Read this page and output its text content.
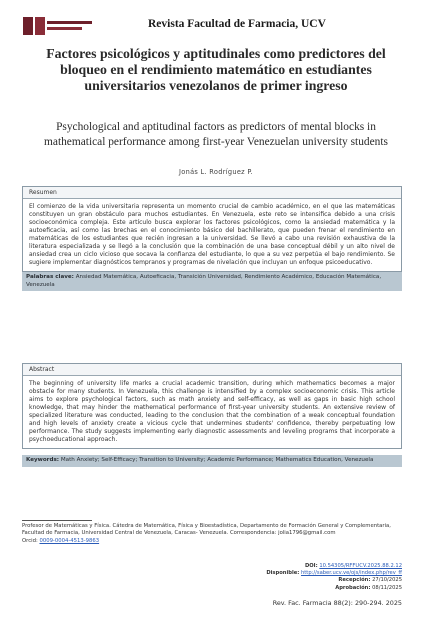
Revista Facultad de Farmacia, UCV
Factores psicológicos y aptitudinales como predictores del bloqueo en el rendimiento matemático en estudiantes universitarios venezolanos de primer ingreso
Psychological and aptitudinal factors as predictors of mental blocks in mathematical performance among first-year Venezuelan university students
Jonás L. Rodríguez P.
Resumen
El comienzo de la vida universitaria representa un momento crucial de cambio académico, en el que las matemáticas constituyen un gran obstáculo para muchos estudiantes. En Venezuela, este reto se intensifica debido a una crisis socioeconómica compleja. Este artículo busca explorar los factores psicológicos, como la ansiedad matemática y la autoeficacia, así como las brechas en el conocimiento básico del bachillerato, que pueden frenar el rendimiento en matemáticas de los estudiantes que recién ingresan a la universidad. Se llevó a cabo una revisión exhaustiva de la literatura especializada y se llegó a la conclusión que la combinación de una base conceptual débil y un alto nivel de ansiedad crea un ciclo vicioso que socava la confianza del estudiante, lo que a su vez perpetúa el bajo rendimiento. Se sugiere implementar diagnósticos tempranos y programas de nivelación que incluyan un enfoque psicoeducativo.
Palabras clave: Ansiedad Matemática, Autoeficacia, Transición Universidad, Rendimiento Académico, Educación Matemática, Venezuela
Abstract
The beginning of university life marks a crucial academic transition, during which mathematics becomes a major obstacle for many students. In Venezuela, this challenge is intensified by a complex socioeconomic crisis. This article aims to explore psychological factors, such as math anxiety and self-efficacy, as well as gaps in basic high school knowledge, that may hinder the mathematical performance of first-year university students. An extensive review of specialized literature was conducted, leading to the conclusion that the combination of a weak conceptual foundation and high levels of anxiety create a vicious cycle that undermines students' confidence, thereby perpetuating low performance. The study suggests implementing early diagnostic assessments and leveling programs that incorporate a psychoeducational approach.
Keywords: Math Anxiety; Self-Efficacy; Transition to University; Academic Performance; Mathematics Education, Venezuela
Profesor de Matemáticas y Física. Cátedra de Matemática, Física y Bioestadística, Departamento de Formación General y Complementaria, Facultad de Farmacia, Universidad Central de Venezuela, Caracas- Venezuela. Correspondencia: jolia1796@gmail.com
Orcid: 0009-0004-4513-9863
DOI: 10.54305/RFFUCV.2025.88.2.12
Disponible: http://saber.ucv.ve/ojs/index.php/rev_ff
Recepción: 27/10/2025
Aprobación: 08/11/2025
Rev. Fac. Farmacia 88(2): 290-294. 2025
